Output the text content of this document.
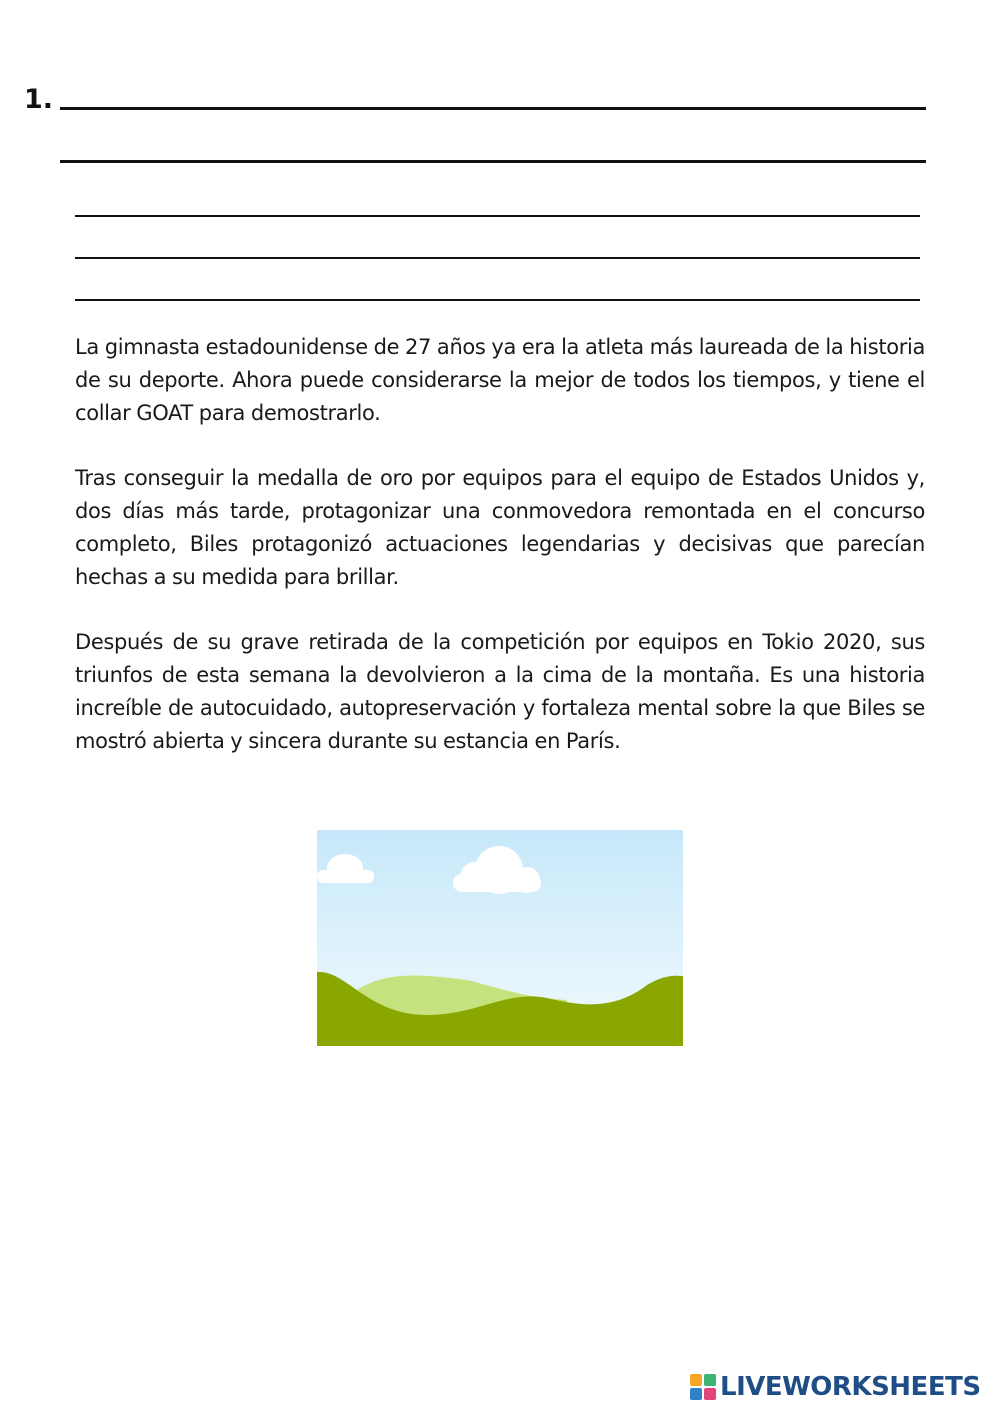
1.

La gimnasta estadounidense de 27 años ya era la atleta más laureada de la historia de su deporte. Ahora puede considerarse la mejor de todos los tiempos, y tiene el collar GOAT para demostrarlo.

Tras conseguir la medalla de oro por equipos para el equipo de Estados Unidos y, dos días más tarde, protagonizar una conmovedora remontada en el concurso completo, Biles protagonizó actuaciones legendarias y decisivas que parecían hechas a su medida para brillar.

Después de su grave retirada de la competición por equipos en Tokio 2020, sus triunfos de esta semana la devolvieron a la cima de la montaña. Es una historia increíble de autocuidado, autopreservación y fortaleza mental sobre la que Biles se mostró abierta y sincera durante su estancia en París.

LIVEWORKSHEETS
